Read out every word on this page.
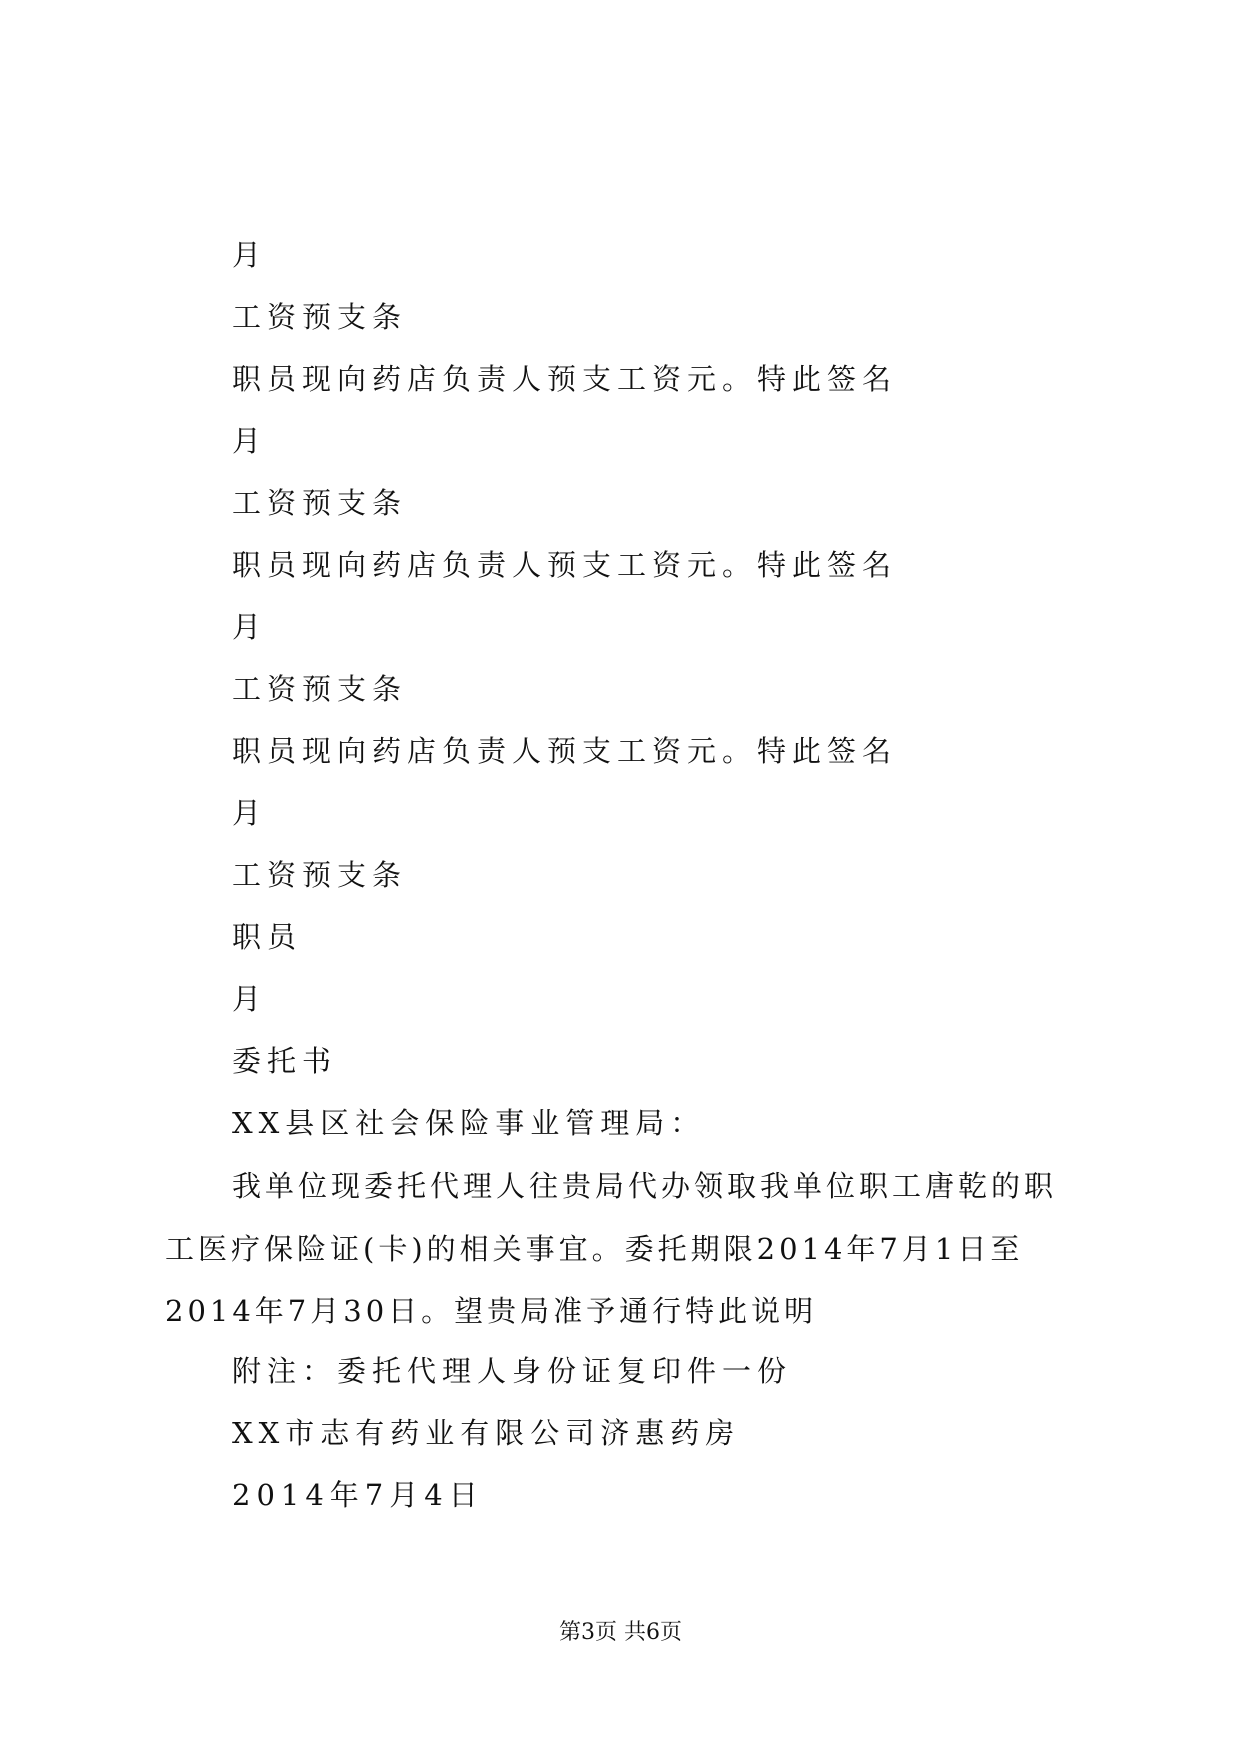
月
工资预支条
职员现向药店负责人预支工资元。特此签名
月
工资预支条
职员现向药店负责人预支工资元。特此签名
月
工资预支条
职员现向药店负责人预支工资元。特此签名
月
工资预支条
职员
月
委托书
XX县区社会保险事业管理局：
我单位现委托代理人往贵局代办领取我单位职工唐乾的职工医疗保险证(卡)的相关事宜。委托期限2014年7月1日至2014年7月30日。望贵局准予通行特此说明
附注：委托代理人身份证复印件一份
XX市志有药业有限公司济惠药房
2014年7月4日
第3页 共6页
